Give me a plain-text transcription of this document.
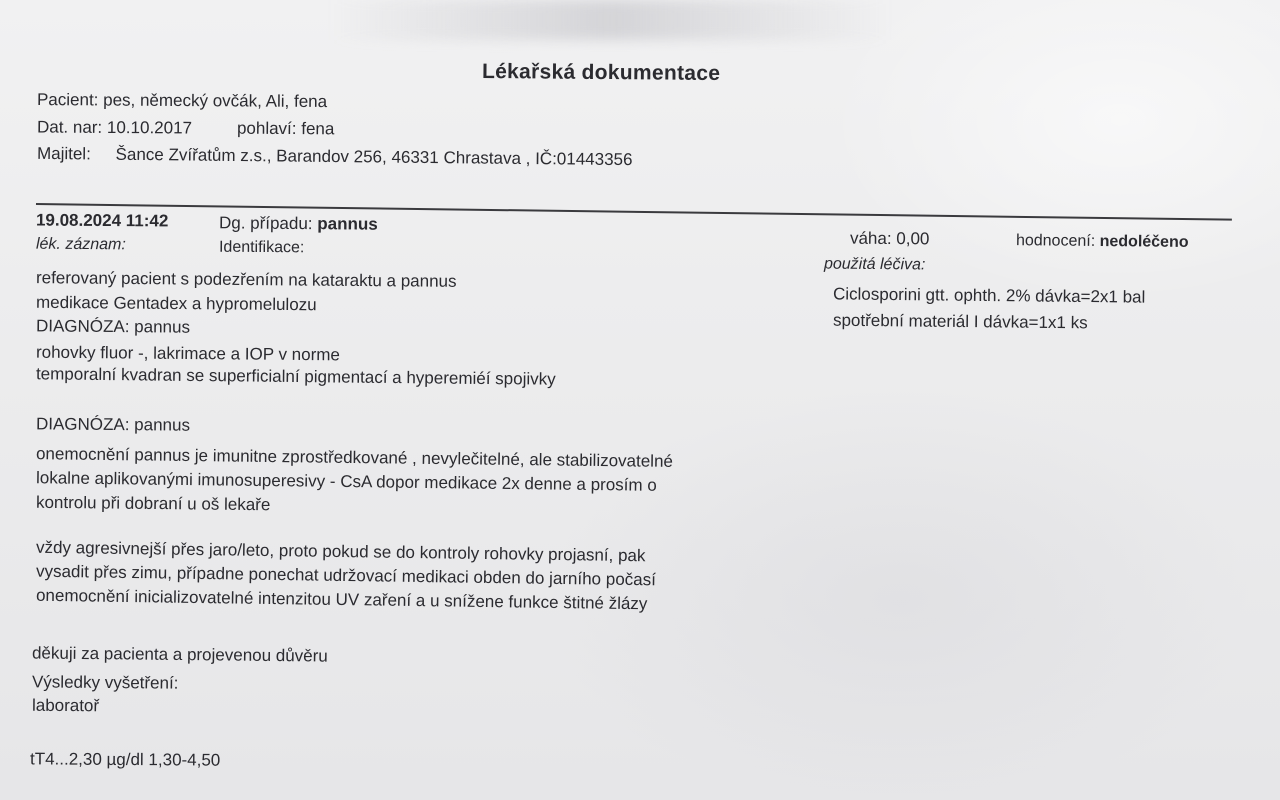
Lékařská dokumentace
Pacient: pes, německý ovčák, Ali, fena
Dat. nar: 10.10.2017	pohlaví: fena
Majitel: Šance Zvířatům z.s., Barandov 256, 46331 Chrastava , IČ:01443356
19.08.2024 11:42	Dg. případu: pannus
lék. záznam:	Identifikace:	váha: 0,00	hodnocení: nedoléčeno
použitá léčiva:
Ciclosporini gtt. ophth. 2% dávka=2x1 bal
spotřební materiál I dávka=1x1 ks
referovaný pacient s podezřením na kataraktu a pannus
medikace Gentadex a hypromelulozu
DIAGNÓZA: pannus
rohovky fluor -, lakrimace a IOP v norme
temporalní kvadran se superficialní pigmentací a hyperemiéí spojivky
DIAGNÓZA: pannus
onemocnění pannus je imunitne zprostředkované , nevylečitelné, ale stabilizovatelné
lokalne aplikovanými imunosuperesivy - CsA dopor medikace 2x denne a prosím o
kontrolu při dobraní u oš lekaře
vždy agresivnejší přes jaro/leto, proto pokud se do kontroly rohovky projasní, pak
vysadit přes zimu, případne ponechat udržovací medikaci obden do jarního počasí
onemocnění inicializovatelné intenzitou UV zaření a u snížene funkce štitné žlázy
děkuji za pacienta a projevenou důvěru
Výsledky vyšetření:
laboratoř
tT4...2,30 µg/dl 1,30-4,50
